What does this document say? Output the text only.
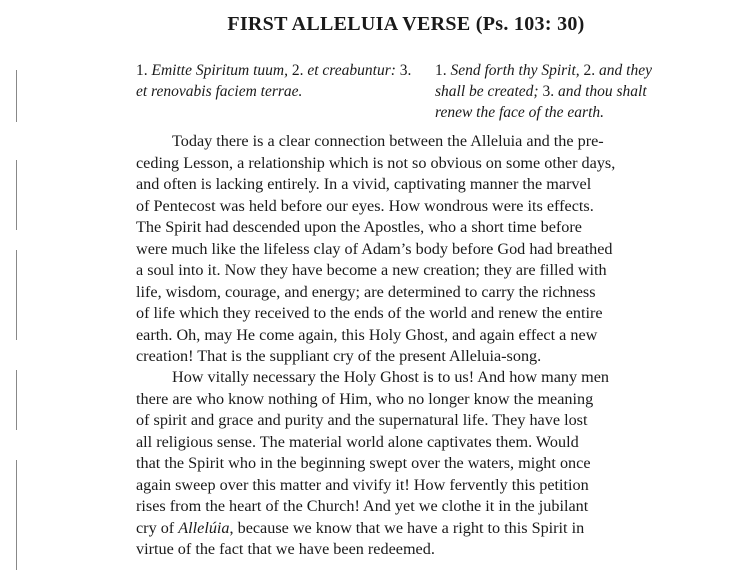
FIRST ALLELUIA VERSE (Ps. 103: 30)
1. Emitte Spiritum tuum, 2. et creabuntur: 3. et renovabis faciem terrae.
1. Send forth thy Spirit, 2. and they shall be created; 3. and thou shalt renew the face of the earth.

Today there is a clear connection between the Alleluia and the pre-
ceding Lesson, a relationship which is not so obvious on some other days,
and often is lacking entirely. In a vivid, captivating manner the marvel
of Pentecost was held before our eyes. How wondrous were its effects.
The Spirit had descended upon the Apostles, who a short time before
were much like the lifeless clay of Adam’s body before God had breathed
a soul into it. Now they have become a new creation; they are filled with
life, wisdom, courage, and energy; are determined to carry the richness
of life which they received to the ends of the world and renew the entire
earth. Oh, may He come again, this Holy Ghost, and again effect a new
creation! That is the suppliant cry of the present Alleluia-song.

How vitally necessary the Holy Ghost is to us! And how many men
there are who know nothing of Him, who no longer know the meaning
of spirit and grace and purity and the supernatural life. They have lost
all religious sense. The material world alone captivates them. Would
that the Spirit who in the beginning swept over the waters, might once
again sweep over this matter and vivify it! How fervently this petition
rises from the heart of the Church! And yet we clothe it in the jubilant
cry of Allelúia, because we know that we have a right to this Spirit in
virtue of the fact that we have been redeemed.
